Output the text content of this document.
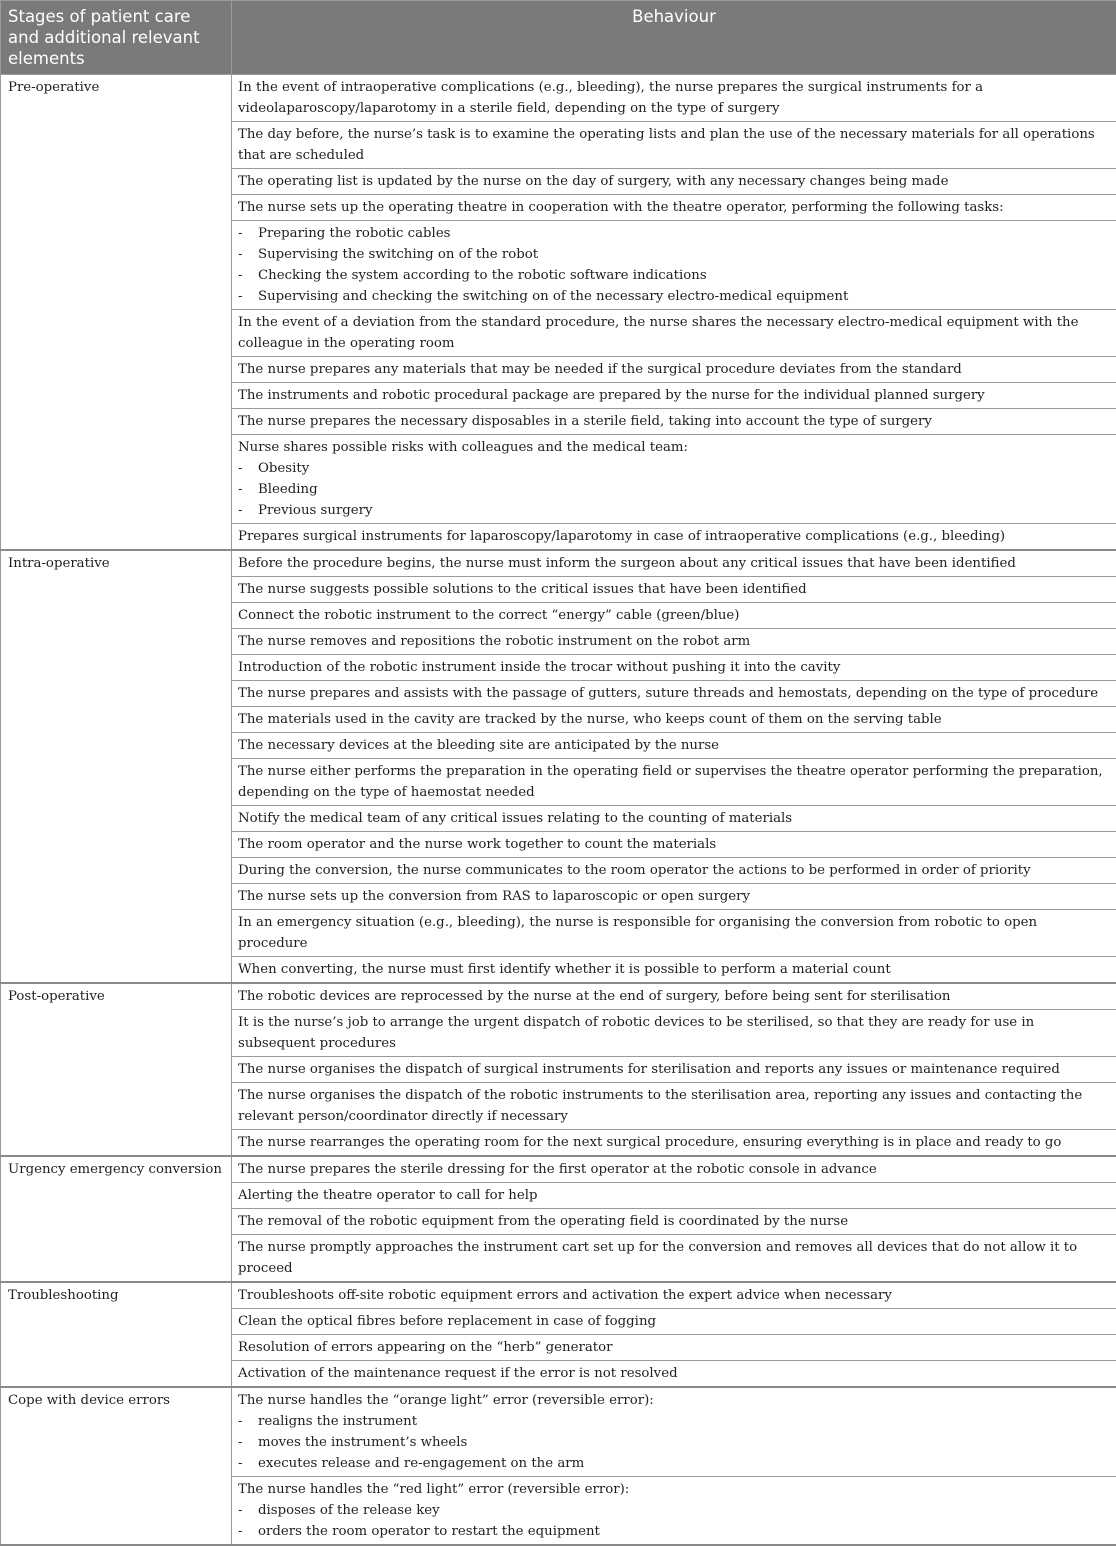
Stages of patient care and additional relevant elements	Behaviour
Pre-operative	In the event of intraoperative complications (e.g., bleeding), the nurse prepares the surgical instruments for a videolaparoscopy/laparotomy in a sterile field, depending on the type of surgery

	The day before, the nurse’s task is to examine the operating lists and plan the use of the necessary materials for all operations that are scheduled

	The operating list is updated by the nurse on the day of surgery, with any necessary changes being made

	The nurse sets up the operating theatre in cooperation with the theatre operator, performing the following tasks:

	- Preparing the robotic cables
- Supervising the switching on of the robot
- Checking the system according to the robotic software indications
- Supervising and checking the switching on of the necessary electro-medical equipment

	In the event of a deviation from the standard procedure, the nurse shares the necessary electro-medical equipment with the colleague in the operating room

	The nurse prepares any materials that may be needed if the surgical procedure deviates from the standard

	The instruments and robotic procedural package are prepared by the nurse for the individual planned surgery

	The nurse prepares the necessary disposables in a sterile field, taking into account the type of surgery

	Nurse shares possible risks with colleagues and the medical team:
- Obesity
- Bleeding
- Previous surgery

	Prepares surgical instruments for laparoscopy/laparotomy in case of intraoperative complications (e.g., bleeding)

Intra-operative	Before the procedure begins, the nurse must inform the surgeon about any critical issues that have been identified

	The nurse suggests possible solutions to the critical issues that have been identified

	Connect the robotic instrument to the correct “energy” cable (green/blue)

	The nurse removes and repositions the robotic instrument on the robot arm

	Introduction of the robotic instrument inside the trocar without pushing it into the cavity

	The nurse prepares and assists with the passage of gutters, suture threads and hemostats, depending on the type of procedure

	The materials used in the cavity are tracked by the nurse, who keeps count of them on the serving table

	The necessary devices at the bleeding site are anticipated by the nurse

	The nurse either performs the preparation in the operating field or supervises the theatre operator performing the preparation, depending on the type of haemostat needed

	Notify the medical team of any critical issues relating to the counting of materials

	The room operator and the nurse work together to count the materials

	During the conversion, the nurse communicates to the room operator the actions to be performed in order of priority

	The nurse sets up the conversion from RAS to laparoscopic or open surgery

	In an emergency situation (e.g., bleeding), the nurse is responsible for organising the conversion from robotic to open procedure

	When converting, the nurse must first identify whether it is possible to perform a material count

Post-operative	The robotic devices are reprocessed by the nurse at the end of surgery, before being sent for sterilisation

	It is the nurse’s job to arrange the urgent dispatch of robotic devices to be sterilised, so that they are ready for use in subsequent procedures

	The nurse organises the dispatch of surgical instruments for sterilisation and reports any issues or maintenance required

	The nurse organises the dispatch of the robotic instruments to the sterilisation area, reporting any issues and contacting the relevant person/coordinator directly if necessary

	The nurse rearranges the operating room for the next surgical procedure, ensuring everything is in place and ready to go

Urgency emergency conversion	The nurse prepares the sterile dressing for the first operator at the robotic console in advance

	Alerting the theatre operator to call for help

	The removal of the robotic equipment from the operating field is coordinated by the nurse

	The nurse promptly approaches the instrument cart set up for the conversion and removes all devices that do not allow it to proceed

Troubleshooting	Troubleshoots off-site robotic equipment errors and activation the expert advice when necessary

	Clean the optical fibres before replacement in case of fogging

	Resolution of errors appearing on the “herb” generator

	Activation of the maintenance request if the error is not resolved

Cope with device errors	The nurse handles the “orange light” error (reversible error):
- realigns the instrument
- moves the instrument’s wheels
- executes release and re-engagement on the arm

	The nurse handles the “red light” error (reversible error):
- disposes of the release key
- orders the room operator to restart the equipment
